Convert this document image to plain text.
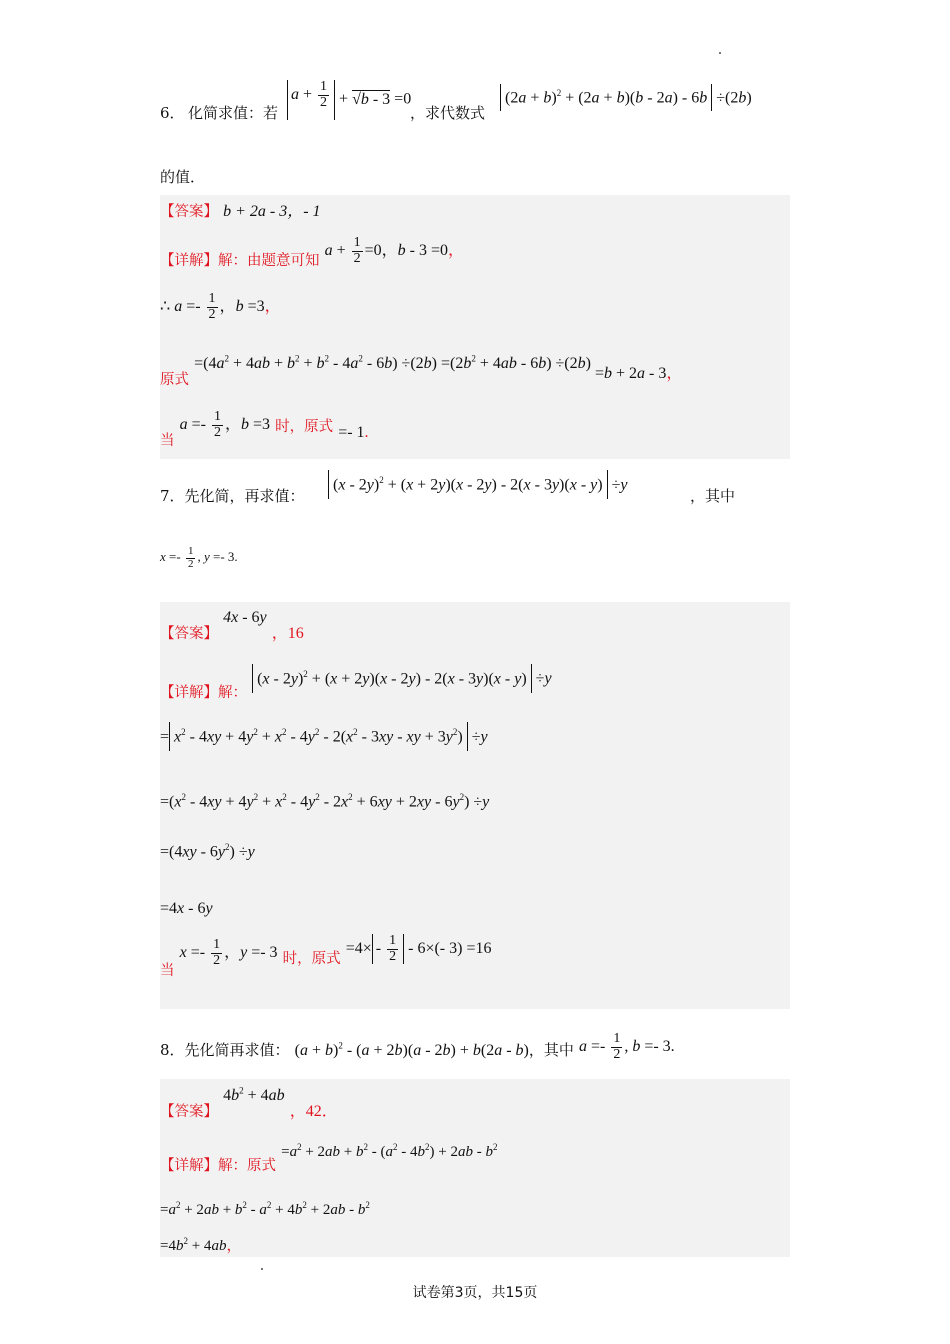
6． 化简求值：若
$a + \frac{1}{2} + √b - 3 =0$
，求代数式
$(2a + b)^2 + (2a + b)(b - 2a) - 6b \div(2b)$
的值．
【答案】 b + 2a - 3，- 1
【详解】解：由题意可知 $a + \frac{1}{2} =0$，b - 3 =0，
∴ $a =- \frac{1}{2}$ ，b =3，
原式 $=(4a^2 + 4ab + b^2 + b^2 - 4a^2 - 6b) \div(2b) =(2b^2 + 4ab - 6b) \div(2b) =b + 2a - 3$，
当 $a =- \frac{1}{2}$ ，b =3 时，原式 =- 1.
7．先化简，再求值：
(x - 2y)$^2$ + (x + 2y)(x - 2y) - 2(x - 3y)(x - y) ÷y
，其中
$x =- \frac{1}{2}$ , y =- 3.
【答案】 4x - 6y ，16
【详解】解： (x - 2y)$^2$ + (x + 2y)(x - 2y) - 2(x - 3y)(x - y) ÷y
= $x^2 - 4xy + 4y^2 + x^2 - 4y^2 - 2(x^2 - 3xy$ - xy + $3y^2) \div y$
$=(x^2 - 4xy + 4y^2 + x^2 - 4y^2 - 2x^2 + 6xy + 2xy - 6y^2) \div y$
$=(4xy - 6y^2) \div y$
=4x - 6y
当 $x =- \frac{1}{2}$ ，y =- 3 时，原式 $=4\times - \frac{1}{2} - 6\times(-$ 3) =16
8．先化简再求值： $(a + b)^2 - (a + 2b)(a - 2b) + b(2a - b)$，其中 $a =- \frac{1}{2}$ , b =- 3.
【答案】 $4b^2 + 4ab$ ，42．
【详解】解：原式 $=a^2 + 2ab + b^2 - (a^2 - 4b^2) + 2ab - b^2$
$=a^2 + 2ab + b^2 - a^2 + 4b^2 + 2ab - b^2$
$=4b^2 + 4ab$，
试卷第3页，共15页
